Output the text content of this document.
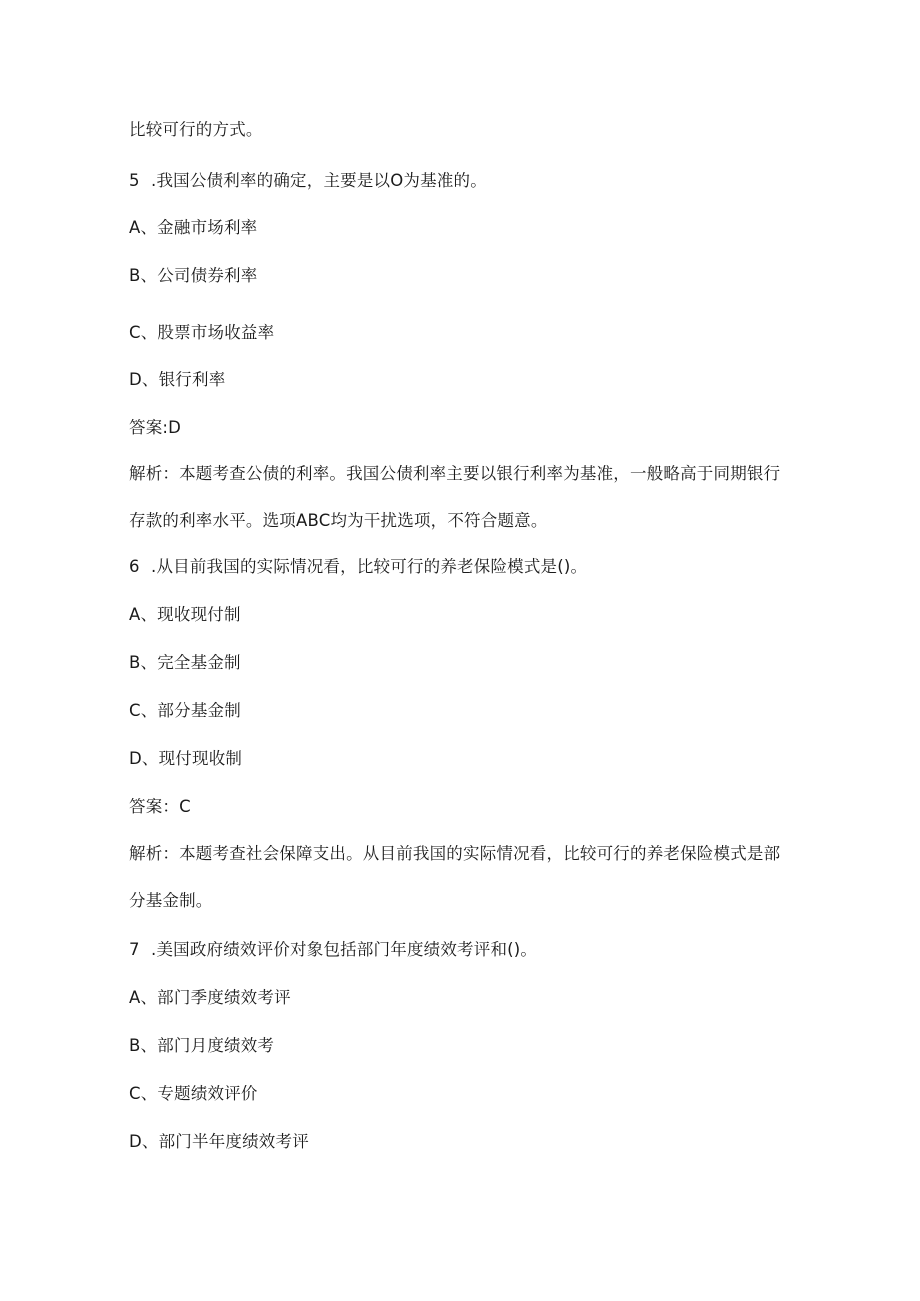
比较可行的方式。
5 .我国公债利率的确定，主要是以O为基准的。
A、金融市场利率
B、公司债券利率
C、股票市场收益率
D、银行利率
答案:D
解析：本题考查公债的利率。我国公债利率主要以银行利率为基准，一般略高于同期银行
存款的利率水平。选项ABC均为干扰选项，不符合题意。
6 .从目前我国的实际情况看，比较可行的养老保险模式是()。
A、现收现付制
B、完全基金制
C、部分基金制
D、现付现收制
答案：C
解析：本题考查社会保障支出。从目前我国的实际情况看，比较可行的养老保险模式是部
分基金制。
7 .美国政府绩效评价对象包括部门年度绩效考评和()。
A、部门季度绩效考评
B、部门月度绩效考
C、专题绩效评价
D、部门半年度绩效考评
